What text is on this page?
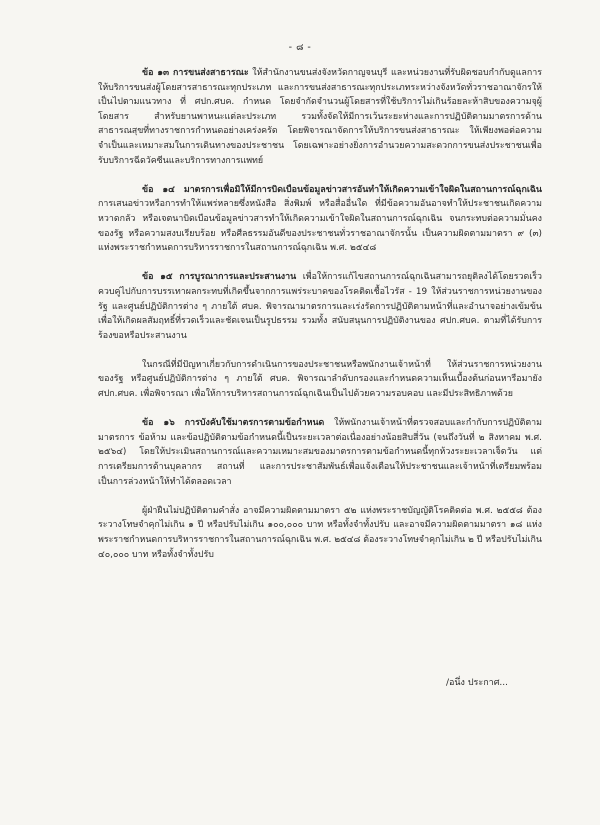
- ๘ -

ข้อ ๑๓ การขนส่งสาธารณะ ให้สำนักงานขนส่งจังหวัดกาญจนบุรี และหน่วยงานที่รับผิดชอบกำกับดูแลการให้บริการขนส่งผู้โดยสารสาธารณะทุกประเภท และการขนส่งสาธารณะทุกประเภทระหว่างจังหวัดทั่วราชอาณาจักรให้เป็นไปตามแนวทาง ที่ ศปก.ศบค. กำหนด โดยจำกัดจำนวนผู้โดยสารที่ใช้บริการไม่เกินร้อยละห้าสิบของความจุผู้โดยสาร สำหรับยานพาหนะแต่ละประเภท รวมทั้งจัดให้มีการเว้นระยะห่างและการปฏิบัติตามมาตรการด้านสาธารณสุขที่ทางราชการกำหนดอย่างเคร่งครัด โดยพิจารณาจัดการให้บริการขนส่งสาธารณะ ให้เพียงพอต่อความจำเป็นและเหมาะสมในการเดินทางของประชาชน โดยเฉพาะอย่างยิ่งการอำนวยความสะดวกการขนส่งประชาชนเพื่อรับบริการฉีดวัคซีนและบริการทางการแพทย์

ข้อ ๑๔ มาตรการเพื่อมิให้มีการบิดเบือนข้อมูลข่าวสารอันทำให้เกิดความเข้าใจผิดในสถานการณ์ฉุกเฉิน การเสนอข่าวหรือการทำให้แพร่หลายซึ่งหนังสือ สิ่งพิมพ์ หรือสื่ออื่นใด ที่มีข้อความอันอาจทำให้ประชาชนเกิดความหวาดกลัว หรือเจตนาบิดเบือนข้อมูลข่าวสารทำให้เกิดความเข้าใจผิดในสถานการณ์ฉุกเฉิน จนกระทบต่อความมั่นคงของรัฐ หรือความสงบเรียบร้อย หรือศีลธรรมอันดีของประชาชนทั่วราชอาณาจักรนั้น เป็นความผิดตามมาตรา ๙ (๓) แห่งพระราชกำหนดการบริหารราชการในสถานการณ์ฉุกเฉิน พ.ศ. ๒๕๔๘

ข้อ ๑๕ การบูรณาการและประสานงาน เพื่อให้การแก้ไขสถานการณ์ฉุกเฉินสามารถยุติลงได้โดยรวดเร็ว ควบคู่ไปกับการบรรเทาผลกระทบที่เกิดขึ้นจากการแพร่ระบาดของโรคติดเชื้อไวรัส - 19 ให้ส่วนราชการหน่วยงานของรัฐ และศูนย์ปฏิบัติการต่าง ๆ ภายใต้ ศบค. พิจารณามาตรการและเร่งรัดการปฏิบัติตามหน้าที่และอำนาจอย่างเข้มข้นเพื่อให้เกิดผลสัมฤทธิ์ที่รวดเร็วและชัดเจนเป็นรูปธรรม รวมทั้ง สนับสนุนการปฏิบัติงานของ ศปก.ศบค. ตามที่ได้รับการร้องขอหรือประสานงาน

ในกรณีที่มีปัญหาเกี่ยวกับการดำเนินการของประชาชนหรือพนักงานเจ้าหน้าที่ ให้ส่วนราชการหน่วยงานของรัฐ หรือศูนย์ปฏิบัติการต่าง ๆ ภายใต้ ศบค. พิจารณาลำดับกรองและกำหนดความเห็นเบื้องต้นก่อนหารือมายัง ศปก.ศบค. เพื่อพิจารณา เพื่อให้การบริหารสถานการณ์ฉุกเฉินเป็นไปด้วยความรอบคอบ และมีประสิทธิภาพด้วย

ข้อ ๑๖ การบังคับใช้มาตรการตามข้อกำหนด ให้พนักงานเจ้าหน้าที่ตรวจสอบและกำกับการปฏิบัติตามมาตรการ ข้อห้าม และข้อปฏิบัติตามข้อกำหนดนี้เป็นระยะเวลาต่อเนื่องอย่างน้อยสิบสี่วัน (จนถึงวันที่ ๒ สิงหาคม พ.ศ. ๒๕๖๔) โดยให้ประเมินสถานการณ์และความเหมาะสมของมาตรการตามข้อกำหนดนี้ทุกห้วงระยะเวลาเจ็ดวัน แต่การเตรียมการด้านบุคลากร สถานที่ และการประชาสัมพันธ์เพื่อแจ้งเตือนให้ประชาชนและเจ้าหน้าที่เตรียมพร้อมเป็นการล่วงหน้าให้ทำได้ตลอดเวลา

ผู้ฝ่าฝืนไม่ปฏิบัติตามคำสั่ง อาจมีความผิดตามมาตรา ๕๒ แห่งพระราชบัญญัติโรคติดต่อ พ.ศ. ๒๕๕๘ ต้องระวางโทษจำคุกไม่เกิน ๑ ปี หรือปรับไม่เกิน ๑๐๐,๐๐๐ บาท หรือทั้งจำทั้งปรับ และอาจมีความผิดตามมาตรา ๑๘ แห่งพระราชกำหนดการบริหารราชการในสถานการณ์ฉุกเฉิน พ.ศ. ๒๕๔๘ ต้องระวางโทษจำคุกไม่เกิน ๒ ปี หรือปรับไม่เกิน ๔๐,๐๐๐ บาท หรือทั้งจำทั้งปรับ

/อนึ่ง ประกาศ...
